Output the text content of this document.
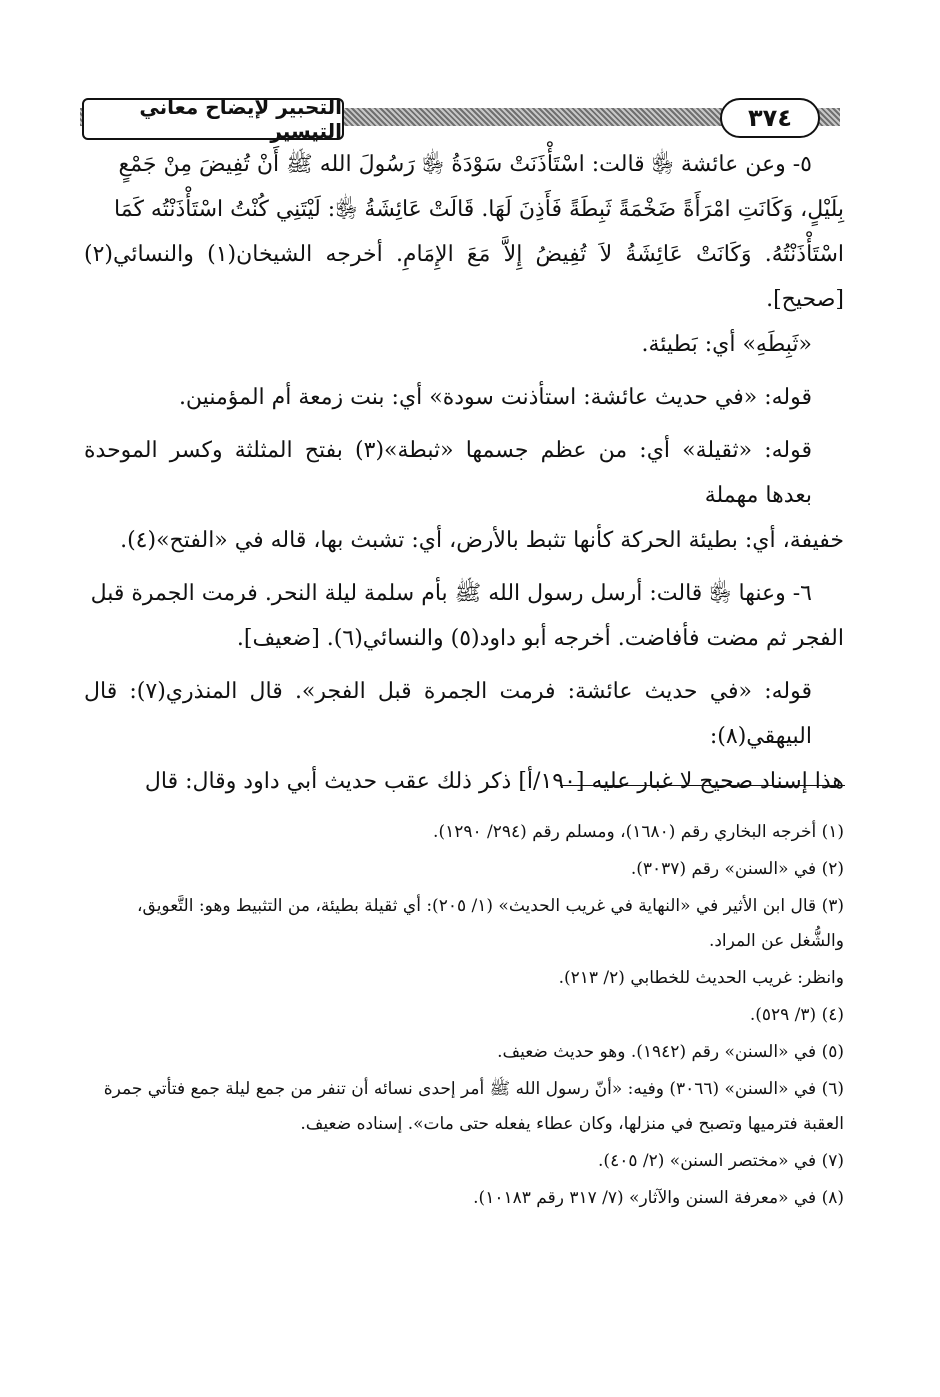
التحبير لإيضاح معاني التيسير	٣٧٤

٥- وعن عائشة ﵂ قالت: اسْتَأْذَنَتْ سَوْدَةُ ﵂ رَسُولَ الله ﷺ أَنْ تُفِيضَ مِنْ جَمْعٍ

بِلَيْلٍ، وَكَانَتِ امْرَأَةً ضَخْمَةً ثَبِطَةً فَأَذِنَ لَهَا. قَالَتْ عَائِشَةُ ﵂: لَيْتَنِي كُنْتُ اسْتَأْذَنْتُه كَمَا

اسْتَأْذَنْتُهُ. وَكَانَتْ عَائِشَةُ لاَ تُفِيضُ إِلاَّ مَعَ الإِمَامِ. أخرجه الشيخان(١) والنسائي(٢) [صحيح].

«ثَبِطَهِ» أي: بَطيئة.

قوله: «في حديث عائشة: استأذنت سودة» أي: بنت زمعة أم المؤمنين.

قوله: «ثقيلة» أي: من عظم جسمها «ثبطة»(٣) بفتح المثلثة وكسر الموحدة بعدها مهملة

خفيفة، أي: بطيئة الحركة كأنها تثبط بالأرض، أي: تشبث بها، قاله في «الفتح»(٤).

٦- وعنها ﵂ قالت: أرسل رسول الله ﷺ بأم سلمة ليلة النحر. فرمت الجمرة قبل

الفجر ثم مضت فأفاضت. أخرجه أبو داود(٥) والنسائي(٦). [ضعيف].

قوله: «في حديث عائشة: فرمت الجمرة قبل الفجر». قال المنذري(٧): قال البيهقي(٨):

هذا إسناد صحيح لا غبار عليه [١٩٠/أ] ذكر ذلك عقب حديث أبي داود وقال: قال

(١) أخرجه البخاري رقم (١٦٨٠)، ومسلم رقم (٢٩٤/ ١٢٩٠).

(٢) في «السنن» رقم (٣٠٣٧).

(٣) قال ابن الأثير في «النهاية في غريب الحديث» (١/ ٢٠٥): أي ثقيلة بطيئة، من التثبيط وهو: التَّعويق،

والشُّغل عن المراد.

وانظر: غريب الحديث للخطابي (٢/ ٢١٣).

(٤) (٣/ ٥٢٩).

(٥) في «السنن» رقم (١٩٤٢). وهو حديث ضعيف.

(٦) في «السنن» (٣٠٦٦) وفيه: «أنّ رسول الله ﷺ أمر إحدى نسائه أن تنفر من جمع ليلة جمع فتأتي جمرة

العقبة فترميها وتصبح في منزلها، وكان عطاء يفعله حتى مات». إسناده ضعيف.

(٧) في «مختصر السنن» (٢/ ٤٠٥).

(٨) في «معرفة السنن والآثار» (٧/ ٣١٧ رقم ١٠١٨٣).
